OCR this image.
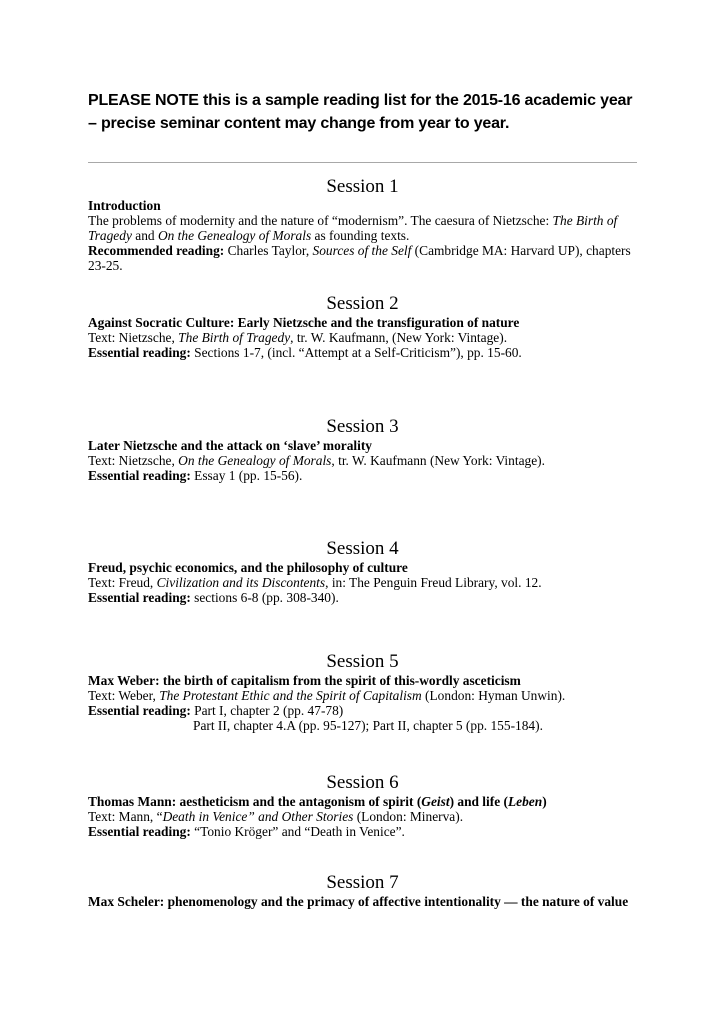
PLEASE NOTE this is a sample reading list for the 2015-16 academic year
– precise seminar content may change from year to year.
Session 1
Introduction
The problems of modernity and the nature of “modernism”. The caesura of Nietzsche: The Birth of Tragedy and On the Genealogy of Morals as founding texts.
Recommended reading: Charles Taylor, Sources of the Self (Cambridge MA: Harvard UP), chapters 23-25.
Session 2
Against Socratic Culture: Early Nietzsche and the transfiguration of nature
Text: Nietzsche, The Birth of Tragedy, tr. W. Kaufmann, (New York: Vintage).
Essential reading: Sections 1-7, (incl. “Attempt at a Self-Criticism”), pp. 15-60.
Session 3
Later Nietzsche and the attack on ‘slave’ morality
Text: Nietzsche, On the Genealogy of Morals, tr. W. Kaufmann (New York: Vintage).
Essential reading: Essay 1 (pp. 15-56).
Session 4
Freud, psychic economics, and the philosophy of culture
Text: Freud, Civilization and its Discontents, in: The Penguin Freud Library, vol. 12.
Essential reading: sections 6-8 (pp. 308-340).
Session 5
Max Weber: the birth of capitalism from the spirit of this-wordly asceticism
Text: Weber, The Protestant Ethic and the Spirit of Capitalism (London: Hyman Unwin).
Essential reading: Part I, chapter 2 (pp. 47-78)
Part II, chapter 4.A (pp. 95-127); Part II, chapter 5 (pp. 155-184).
Session 6
Thomas Mann: aestheticism and the antagonism of spirit (Geist) and life (Leben)
Text: Mann, “Death in Venice” and Other Stories (London: Minerva).
Essential reading: “Tonio Kröger” and “Death in Venice”.
Session 7
Max Scheler: phenomenology and the primacy of affective intentionality — the nature of value
